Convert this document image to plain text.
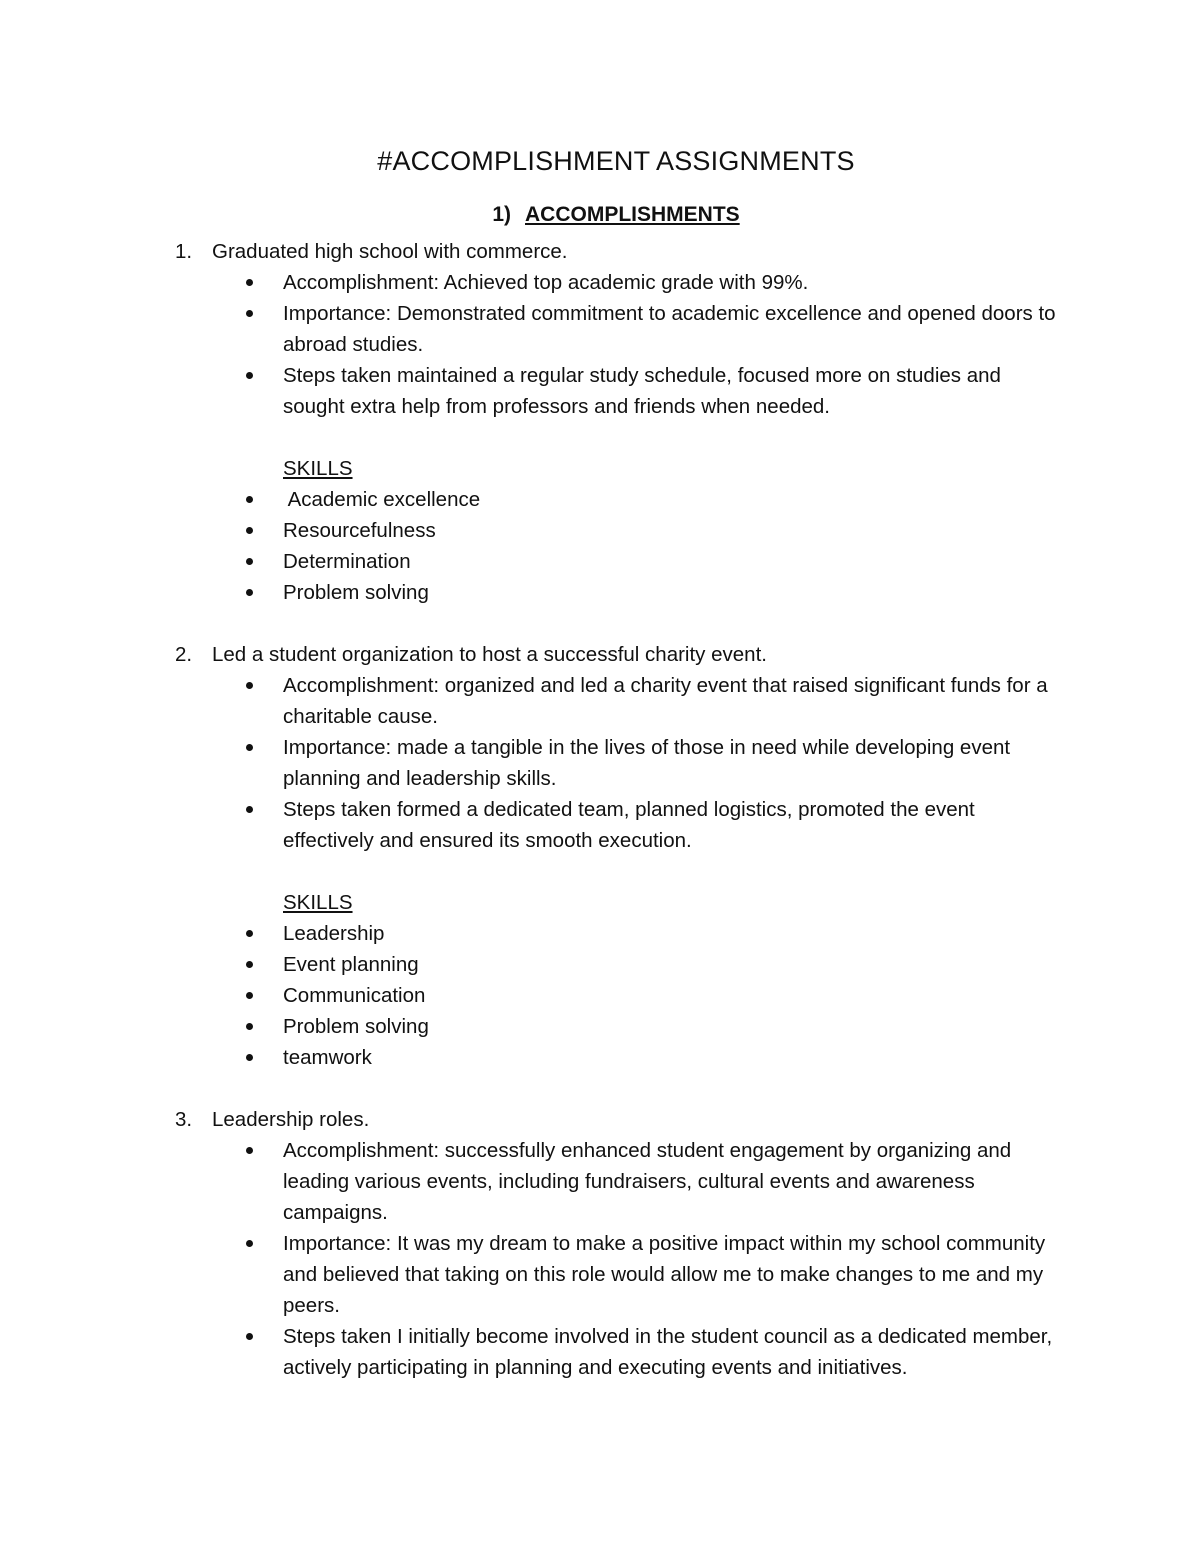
#ACCOMPLISHMENT ASSIGNMENTS
1) ACCOMPLISHMENTS
1. Graduated high school with commerce.
Accomplishment: Achieved top academic grade with 99%.
Importance: Demonstrated commitment to academic excellence and opened doors to abroad studies.
Steps taken maintained a regular study schedule, focused more on studies and sought extra help from professors and friends when needed.
SKILLS
Academic excellence
Resourcefulness
Determination
Problem solving
2. Led a student organization to host a successful charity event.
Accomplishment: organized and led a charity event that raised significant funds for a charitable cause.
Importance: made a tangible in the lives of those in need while developing event planning and leadership skills.
Steps taken formed a dedicated team, planned logistics, promoted the event effectively and ensured its smooth execution.
SKILLS
Leadership
Event planning
Communication
Problem solving
teamwork
3. Leadership roles.
Accomplishment: successfully enhanced student engagement by organizing and leading various events, including fundraisers, cultural events and awareness campaigns.
Importance: It was my dream to make a positive impact within my school community and believed that taking on this role would allow me to make changes to me and my peers.
Steps taken I initially become involved in the student council as a dedicated member, actively participating in planning and executing events and initiatives.
